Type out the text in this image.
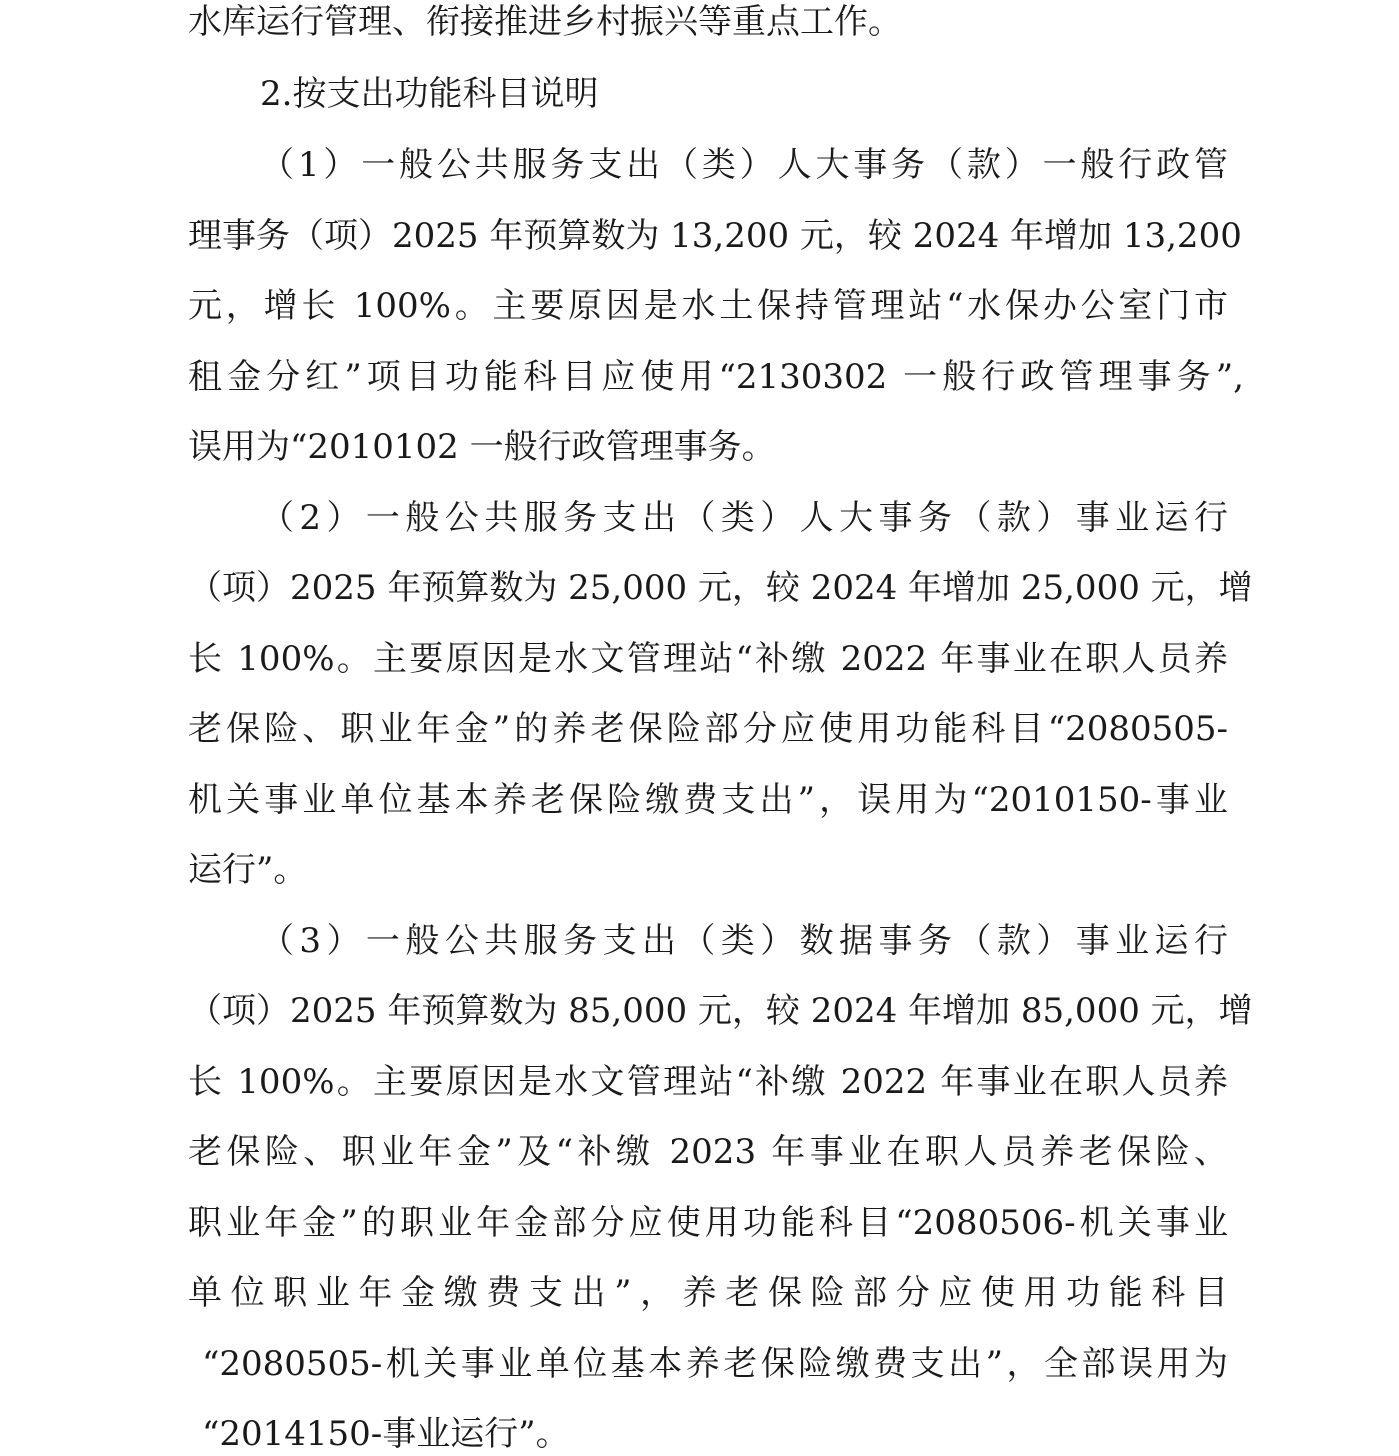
水库运行管理、衔接推进乡村振兴等重点工作。
2.按支出功能科目说明
（1）一般公共服务支出（类）人大事务（款）一般行政管
理事务（项）2025 年预算数为 13,200 元，较 2024 年增加 13,200
元，增长 100%。主要原因是水土保持管理站“水保办公室门市
租金分红”项目功能科目应使用“2130302 一般行政管理事务”,
误用为“2010102 一般行政管理事务。
（2）一般公共服务支出（类）人大事务（款）事业运行
（项）2025 年预算数为 25,000 元，较 2024 年增加 25,000 元，增
长 100%。主要原因是水文管理站“补缴 2022 年事业在职人员养
老保险、职业年金”的养老保险部分应使用功能科目“2080505-
机关事业单位基本养老保险缴费支出”，误用为“2010150-事业
运行”。
（3）一般公共服务支出（类）数据事务（款）事业运行
（项）2025 年预算数为 85,000 元，较 2024 年增加 85,000 元，增
长 100%。主要原因是水文管理站“补缴 2022 年事业在职人员养
老保险、职业年金”及“补缴 2023 年事业在职人员养老保险、
职业年金”的职业年金部分应使用功能科目“2080506-机关事业
单位职业年金缴费支出”，养老保险部分应使用功能科目
“2080505-机关事业单位基本养老保险缴费支出”，全部误用为
“2014150-事业运行”。
